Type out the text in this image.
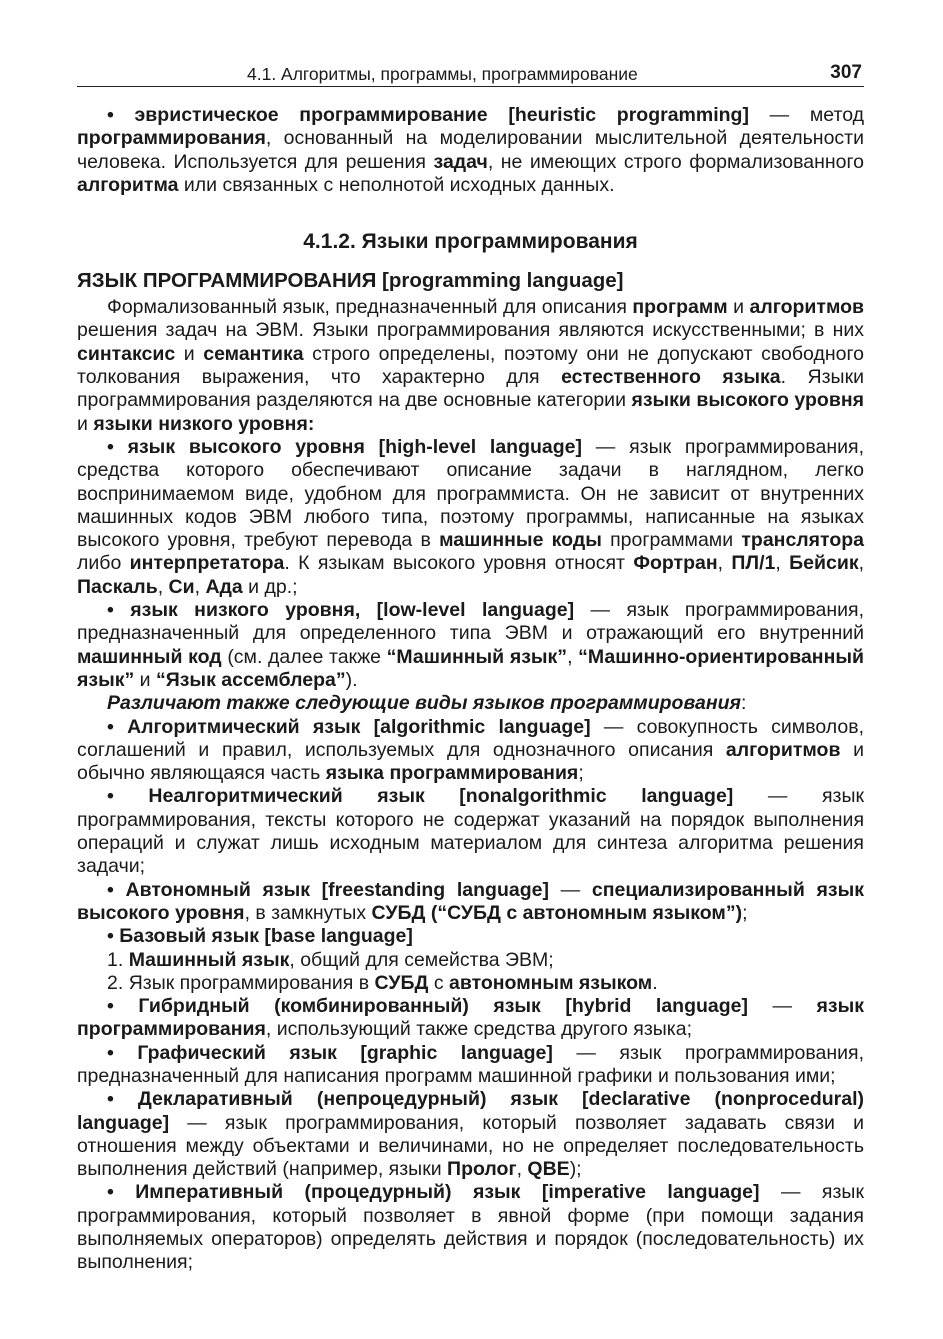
4.1. Алгоритмы, программы, программирование	307

• эвристическое программирование [heuristic programming] — метод программирования, основанный на моделировании мыслительной деятельности человека. Используется для решения задач, не имеющих строго формализованного алгоритма или связанных с неполнотой исходных данных.

4.1.2. Языки программирования
ЯЗЫК ПРОГРАММИРОВАНИЯ [programming language]

Формализованный язык, предназначенный для описания программ и алгоритмов решения задач на ЭВМ. Языки программирования являются искусственными; в них синтаксис и семантика строго определены, поэтому они не допускают свободного толкования выражения, что характерно для естественного языка. Языки программирования разделяются на две основные категории языки высокого уровня и языки низкого уровня:

• язык высокого уровня [high-level language] — язык программирования, средства которого обеспечивают описание задачи в наглядном, легко воспринимаемом виде, удобном для программиста. Он не зависит от внутренних машинных кодов ЭВМ любого типа, поэтому программы, написанные на языках высокого уровня, требуют перевода в машинные коды программами транслятора либо интерпретатора. К языкам высокого уровня относят Фортран, ПЛ/1, Бейсик, Паскаль, Си, Ада и др.;

• язык низкого уровня, [low-level language] — язык программирования, предназначенный для определенного типа ЭВМ и отражающий его внутренний машинный код (см. далее также “Машинный язык”, “Машинно-ориентированный язык” и “Язык ассемблера”).

Различают также следующие виды языков программирования:

• Алгоритмический язык [algorithmic language] — совокупность символов, соглашений и правил, используемых для однозначного описания алгоритмов и обычно являющаяся часть языка программирования;

• Неалгоритмический язык [nonalgorithmic language] — язык программирования, тексты которого не содержат указаний на порядок выполнения операций и служат лишь исходным материалом для синтеза алгоритма решения задачи;

• Автономный язык [freestanding language] — специализированный язык высокого уровня, в замкнутых СУБД (“СУБД с автономным языком”);

• Базовый язык [base language]

1. Машинный язык, общий для семейства ЭВМ;

2. Язык программирования в СУБД с автономным языком.

• Гибридный (комбинированный) язык [hybrid language] — язык программирования, использующий также средства другого языка;

• Графический язык [graphic language] — язык программирования, предназначенный для написания программ машинной графики и пользования ими;

• Декларативный (непроцедурный) язык [declarative (nonprocedural) language] — язык программирования, который позволяет задавать связи и отношения между объектами и величинами, но не определяет последовательность выполнения действий (например, языки Пролог, QBE);

• Императивный (процедурный) язык [imperative language] — язык программирования, который позволяет в явной форме (при помощи задания выполняемых операторов) определять действия и порядок (последовательность) их выполнения;
